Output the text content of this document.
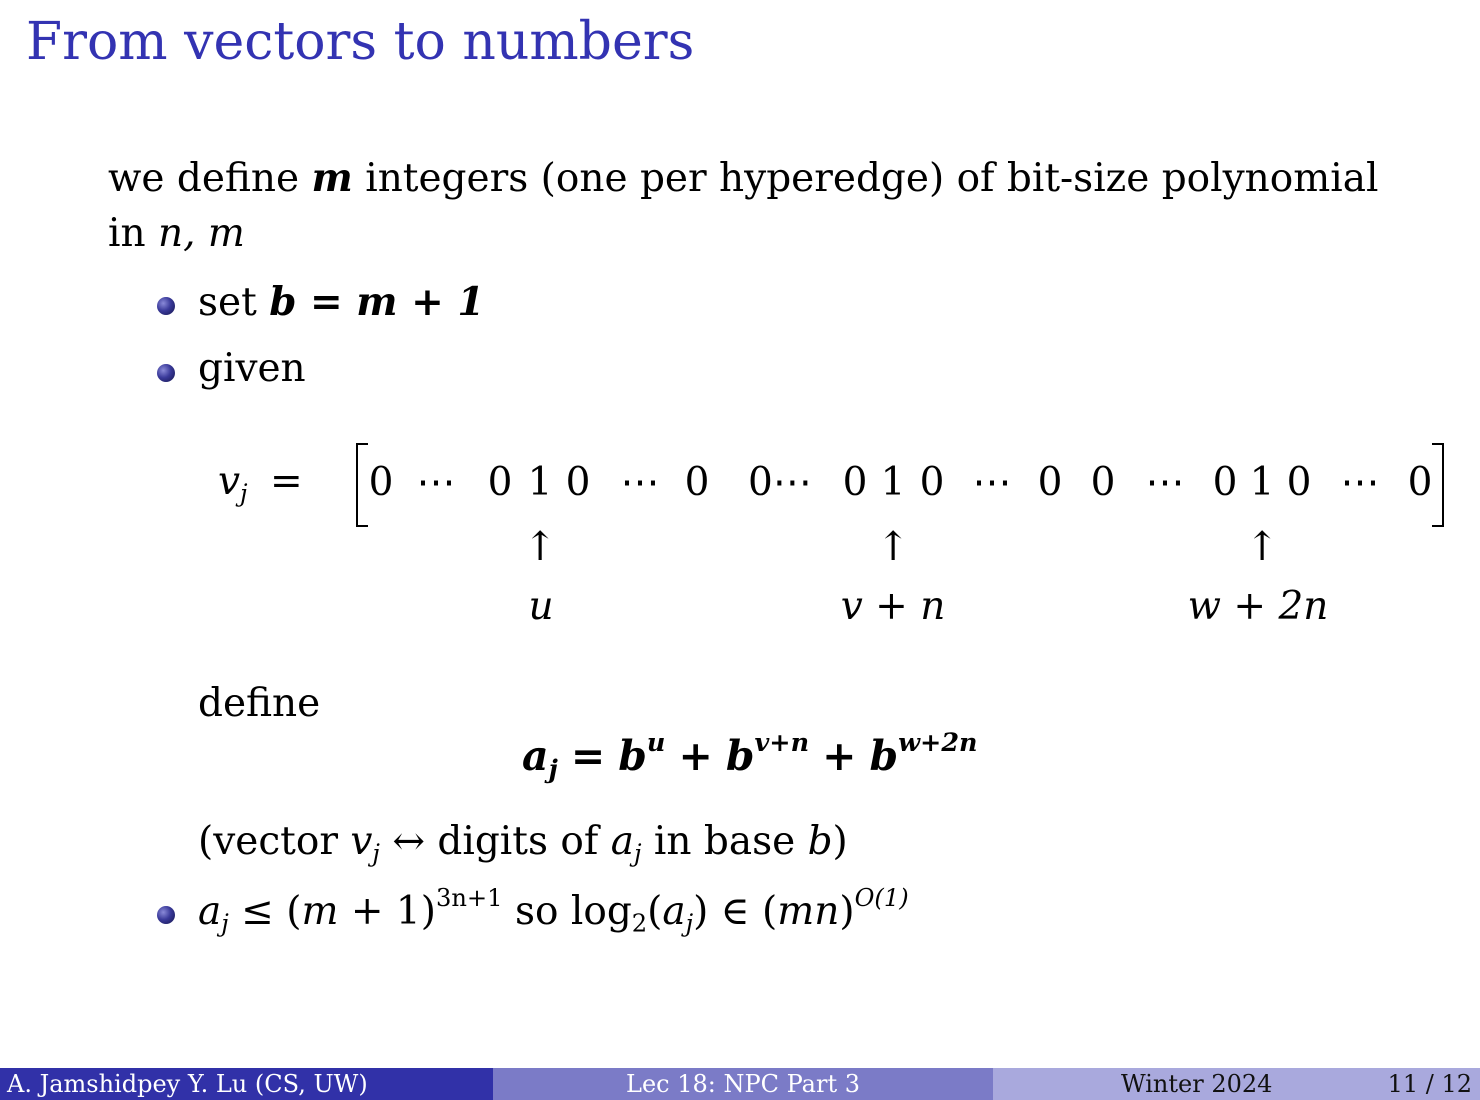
From vectors to numbers
we define m integers (one per hyperedge) of bit-size polynomial
in n, m
set b = m + 1
given
$v_j$ =	0 ⋯ 0 1 0 ⋯ 0 0⋯ 0 1 0 ⋯ 0 0 ⋯ 0 1 0 ⋯ 0
↑	↑	↑
u	v + n	w + 2n
define
$a_j = b^u + b^{v+n} + b^{w+2n}$
(vector $v_j$ ↔ digits of $a_j$ in base b)
$a_j \le (m + 1)^{3n+1}$ so $\log_2(a_j)$ ∈ (mn)$^{O(1)}$
A. Jamshidpey Y. Lu (CS, UW)	Lec 18: NPC Part 3	Winter 2024	11 / 12
